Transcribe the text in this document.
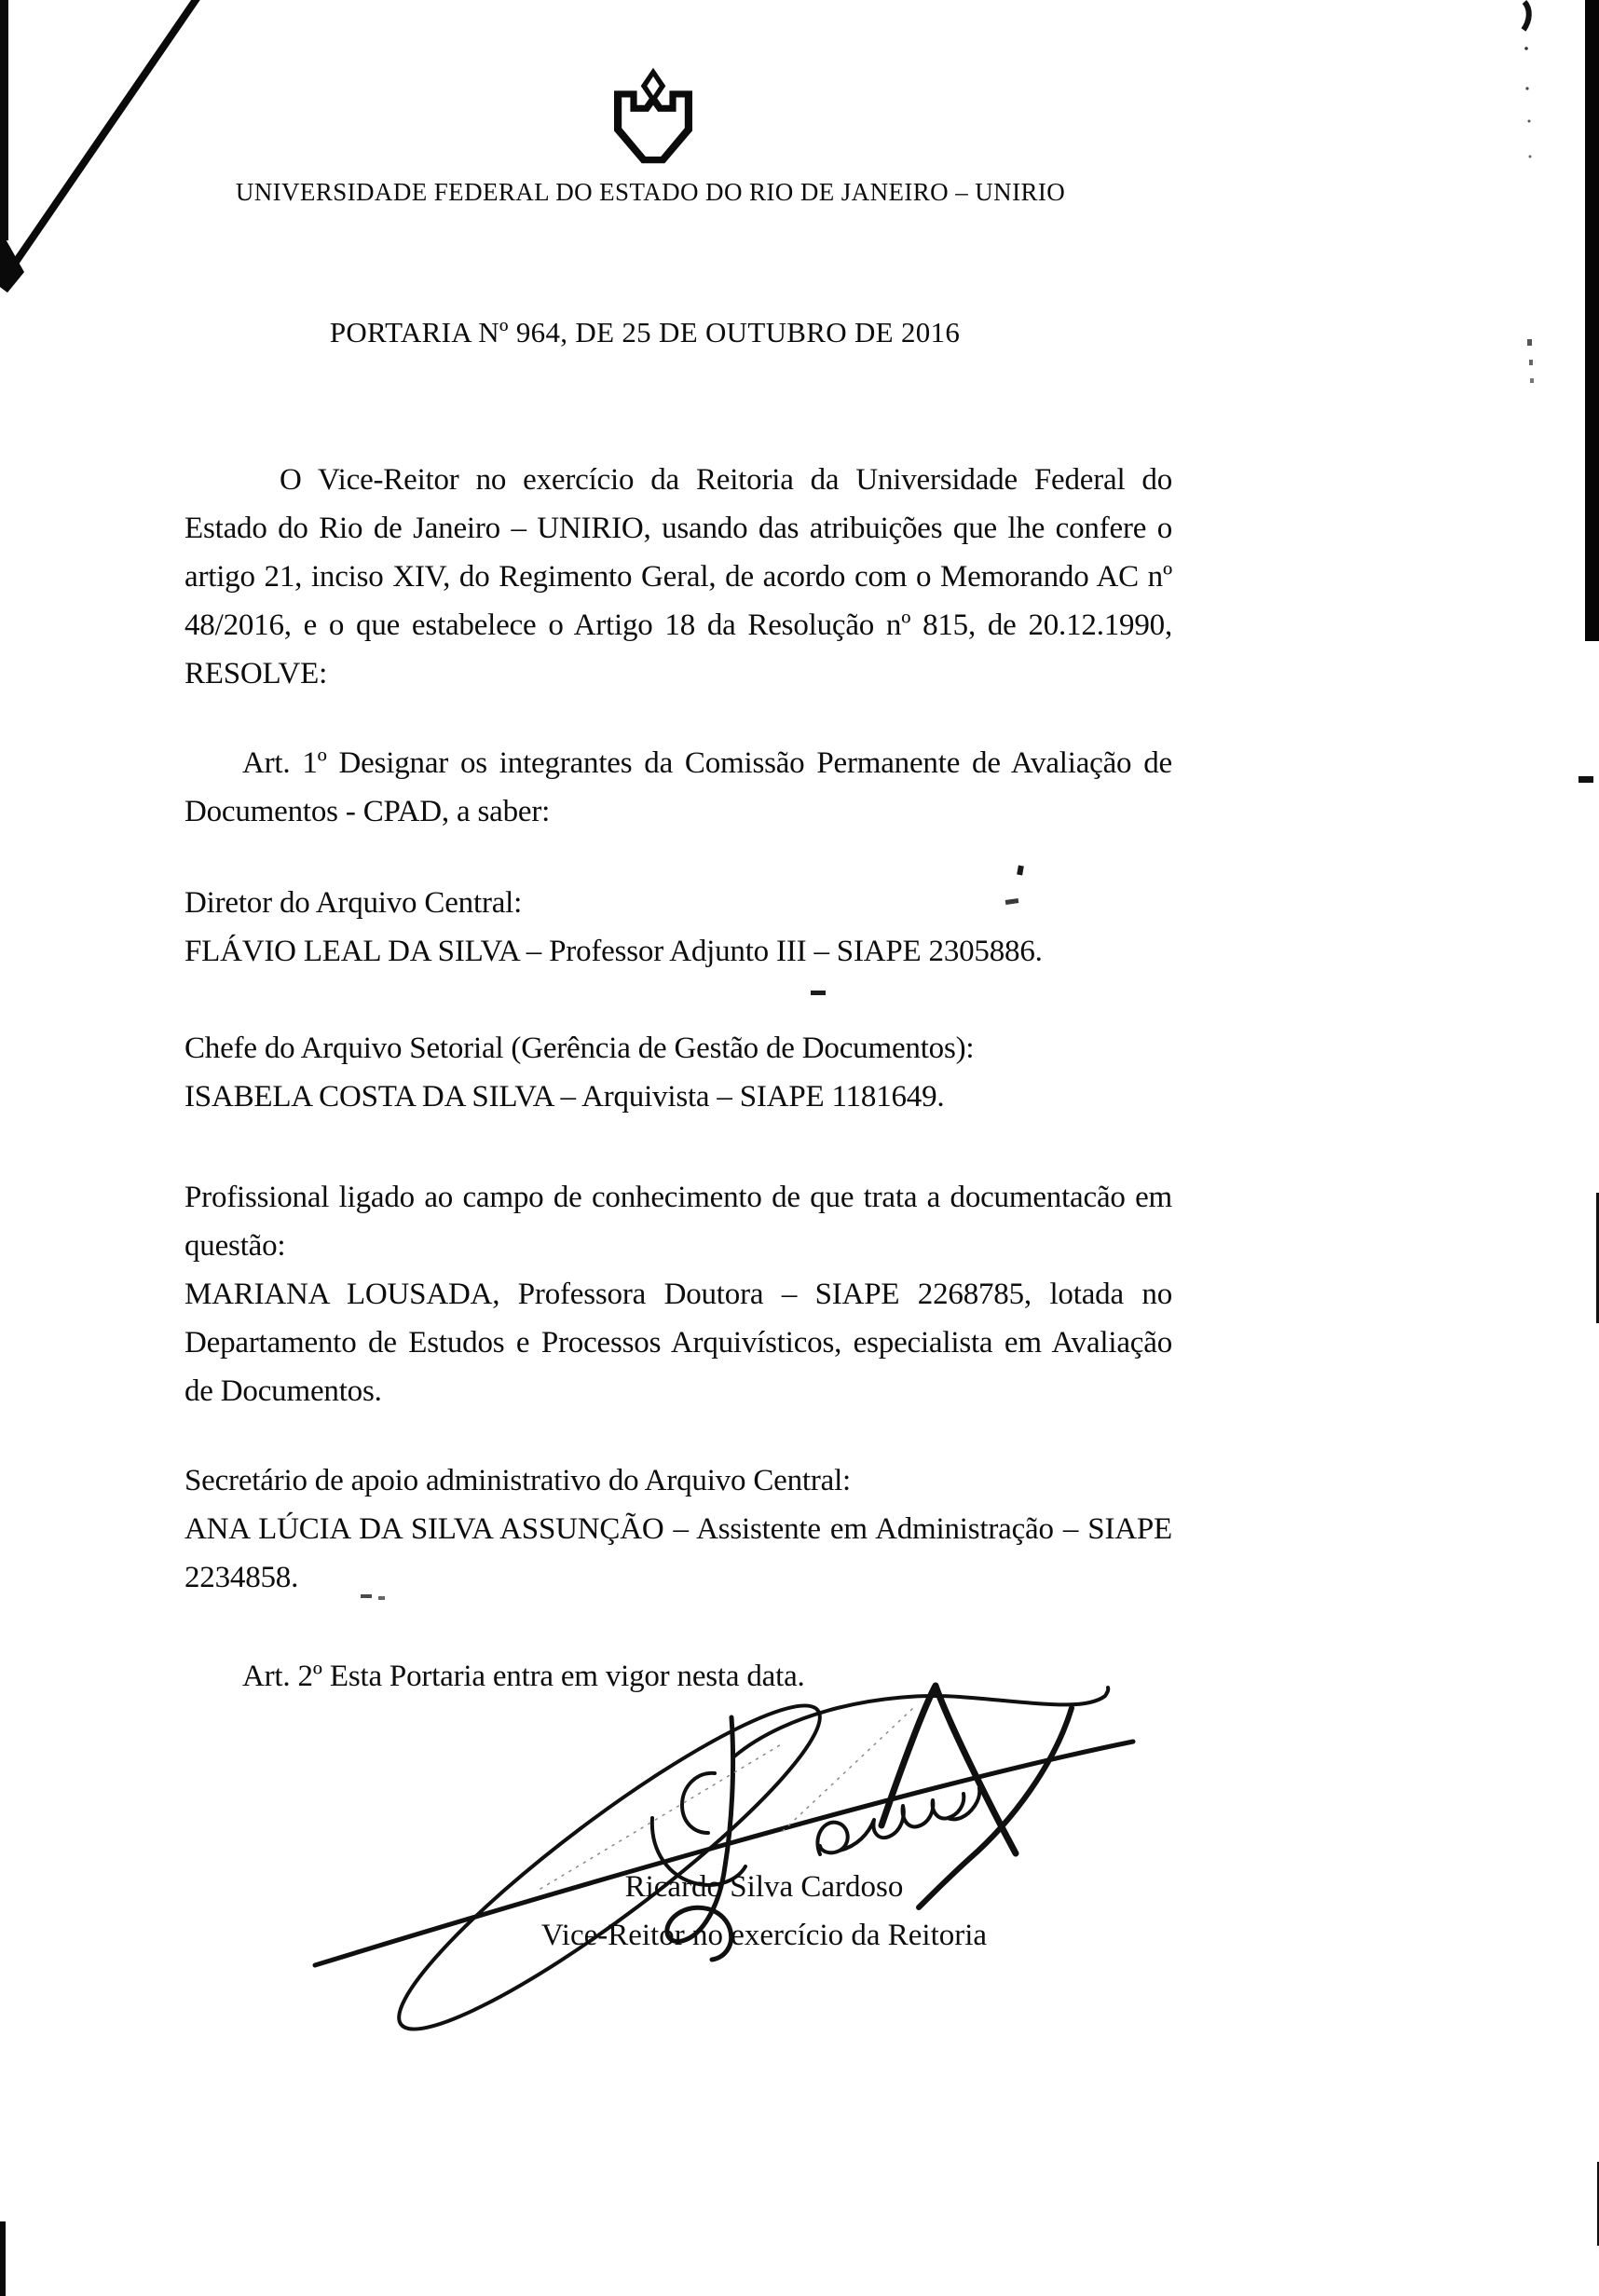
UNIVERSIDADE FEDERAL DO ESTADO DO RIO DE JANEIRO – UNIRIO
PORTARIA Nº 964, DE 25 DE OUTUBRO DE 2016
O Vice-Reitor no exercício da Reitoria da Universidade Federal do Estado do Rio de Janeiro – UNIRIO, usando das atribuições que lhe confere o artigo 21, inciso XIV, do Regimento Geral, de acordo com o Memorando AC nº 48/2016, e o que estabelece o Artigo 18 da Resolução nº 815, de 20.12.1990, RESOLVE:
Art. 1º Designar os integrantes da Comissão Permanente de Avaliação de Documentos - CPAD, a saber:
Diretor do Arquivo Central:
FLÁVIO LEAL DA SILVA – Professor Adjunto III – SIAPE 2305886.
Chefe do Arquivo Setorial (Gerência de Gestão de Documentos):
ISABELA COSTA DA SILVA – Arquivista – SIAPE 1181649.
Profissional ligado ao campo de conhecimento de que trata a documentacão em questão:
MARIANA LOUSADA, Professora Doutora – SIAPE 2268785, lotada no Departamento de Estudos e Processos Arquivísticos, especialista em Avaliação de Documentos.
Secretário de apoio administrativo do Arquivo Central:
ANA LÚCIA DA SILVA ASSUNÇÃO – Assistente em Administração – SIAPE 2234858.
Art. 2º Esta Portaria entra em vigor nesta data.
Ricardo Silva Cardoso
Vice-Reitor no exercício da Reitoria
